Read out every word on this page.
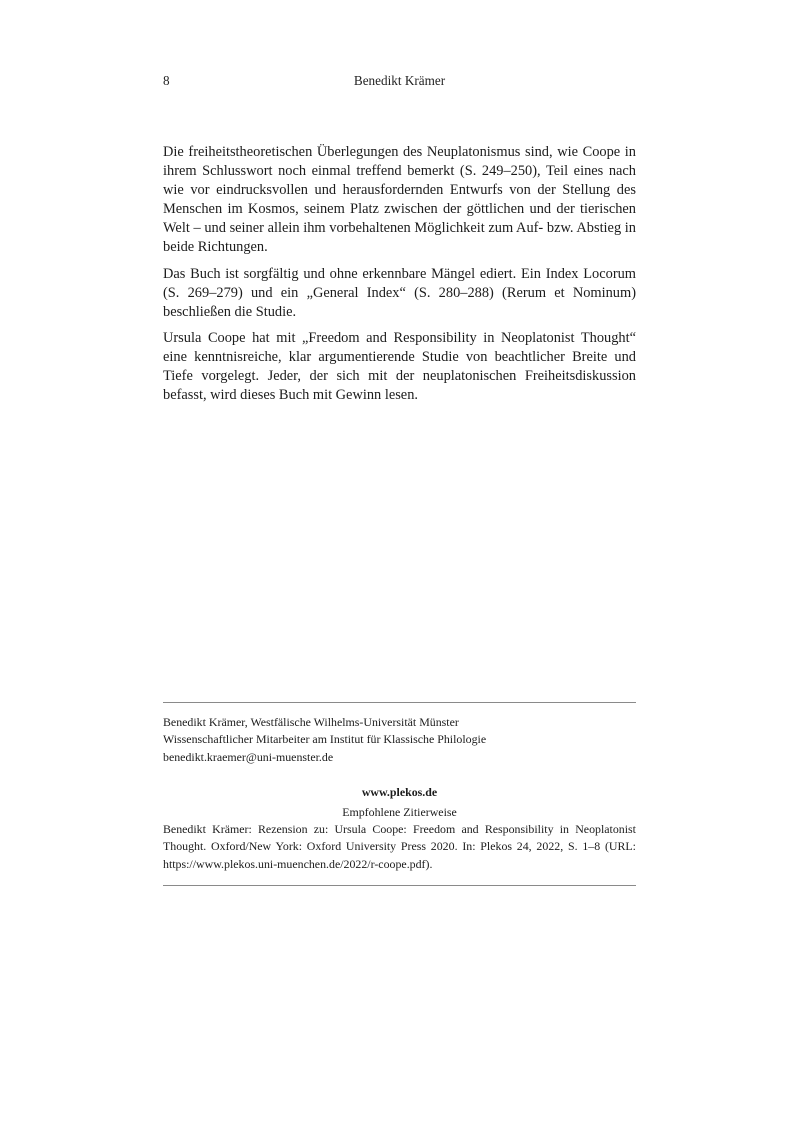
8	Benedikt Krämer

Die freiheitstheoretischen Überlegungen des Neuplatonismus sind, wie Coope in ihrem Schlusswort noch einmal treffend bemerkt (S. 249–250), Teil eines nach wie vor eindrucksvollen und herausfordernden Entwurfs von der Stellung des Menschen im Kosmos, seinem Platz zwischen der göttlichen und der tierischen Welt – und seiner allein ihm vorbehaltenen Möglichkeit zum Auf- bzw. Abstieg in beide Richtungen.

Das Buch ist sorgfältig und ohne erkennbare Mängel ediert. Ein Index Locorum (S. 269–279) und ein „General Index“ (S. 280–288) (Rerum et Nominum) beschließen die Studie.

Ursula Coope hat mit „Freedom and Responsibility in Neoplatonist Thought“ eine kenntnisreiche, klar argumentierende Studie von beachtlicher Breite und Tiefe vorgelegt. Jeder, der sich mit der neuplatonischen Freiheitsdiskussion befasst, wird dieses Buch mit Gewinn lesen.

Benedikt Krämer, Westfälische Wilhelms-Universität Münster
Wissenschaftlicher Mitarbeiter am Institut für Klassische Philologie
benedikt.kraemer@uni-muenster.de

www.plekos.de

Empfohlene Zitierweise

Benedikt Krämer: Rezension zu: Ursula Coope: Freedom and Responsibility in Neoplatonist Thought. Oxford/New York: Oxford University Press 2020. In: Plekos 24, 2022, S. 1–8 (URL: https://www.plekos.uni-muenchen.de/2022/r-coope.pdf).
